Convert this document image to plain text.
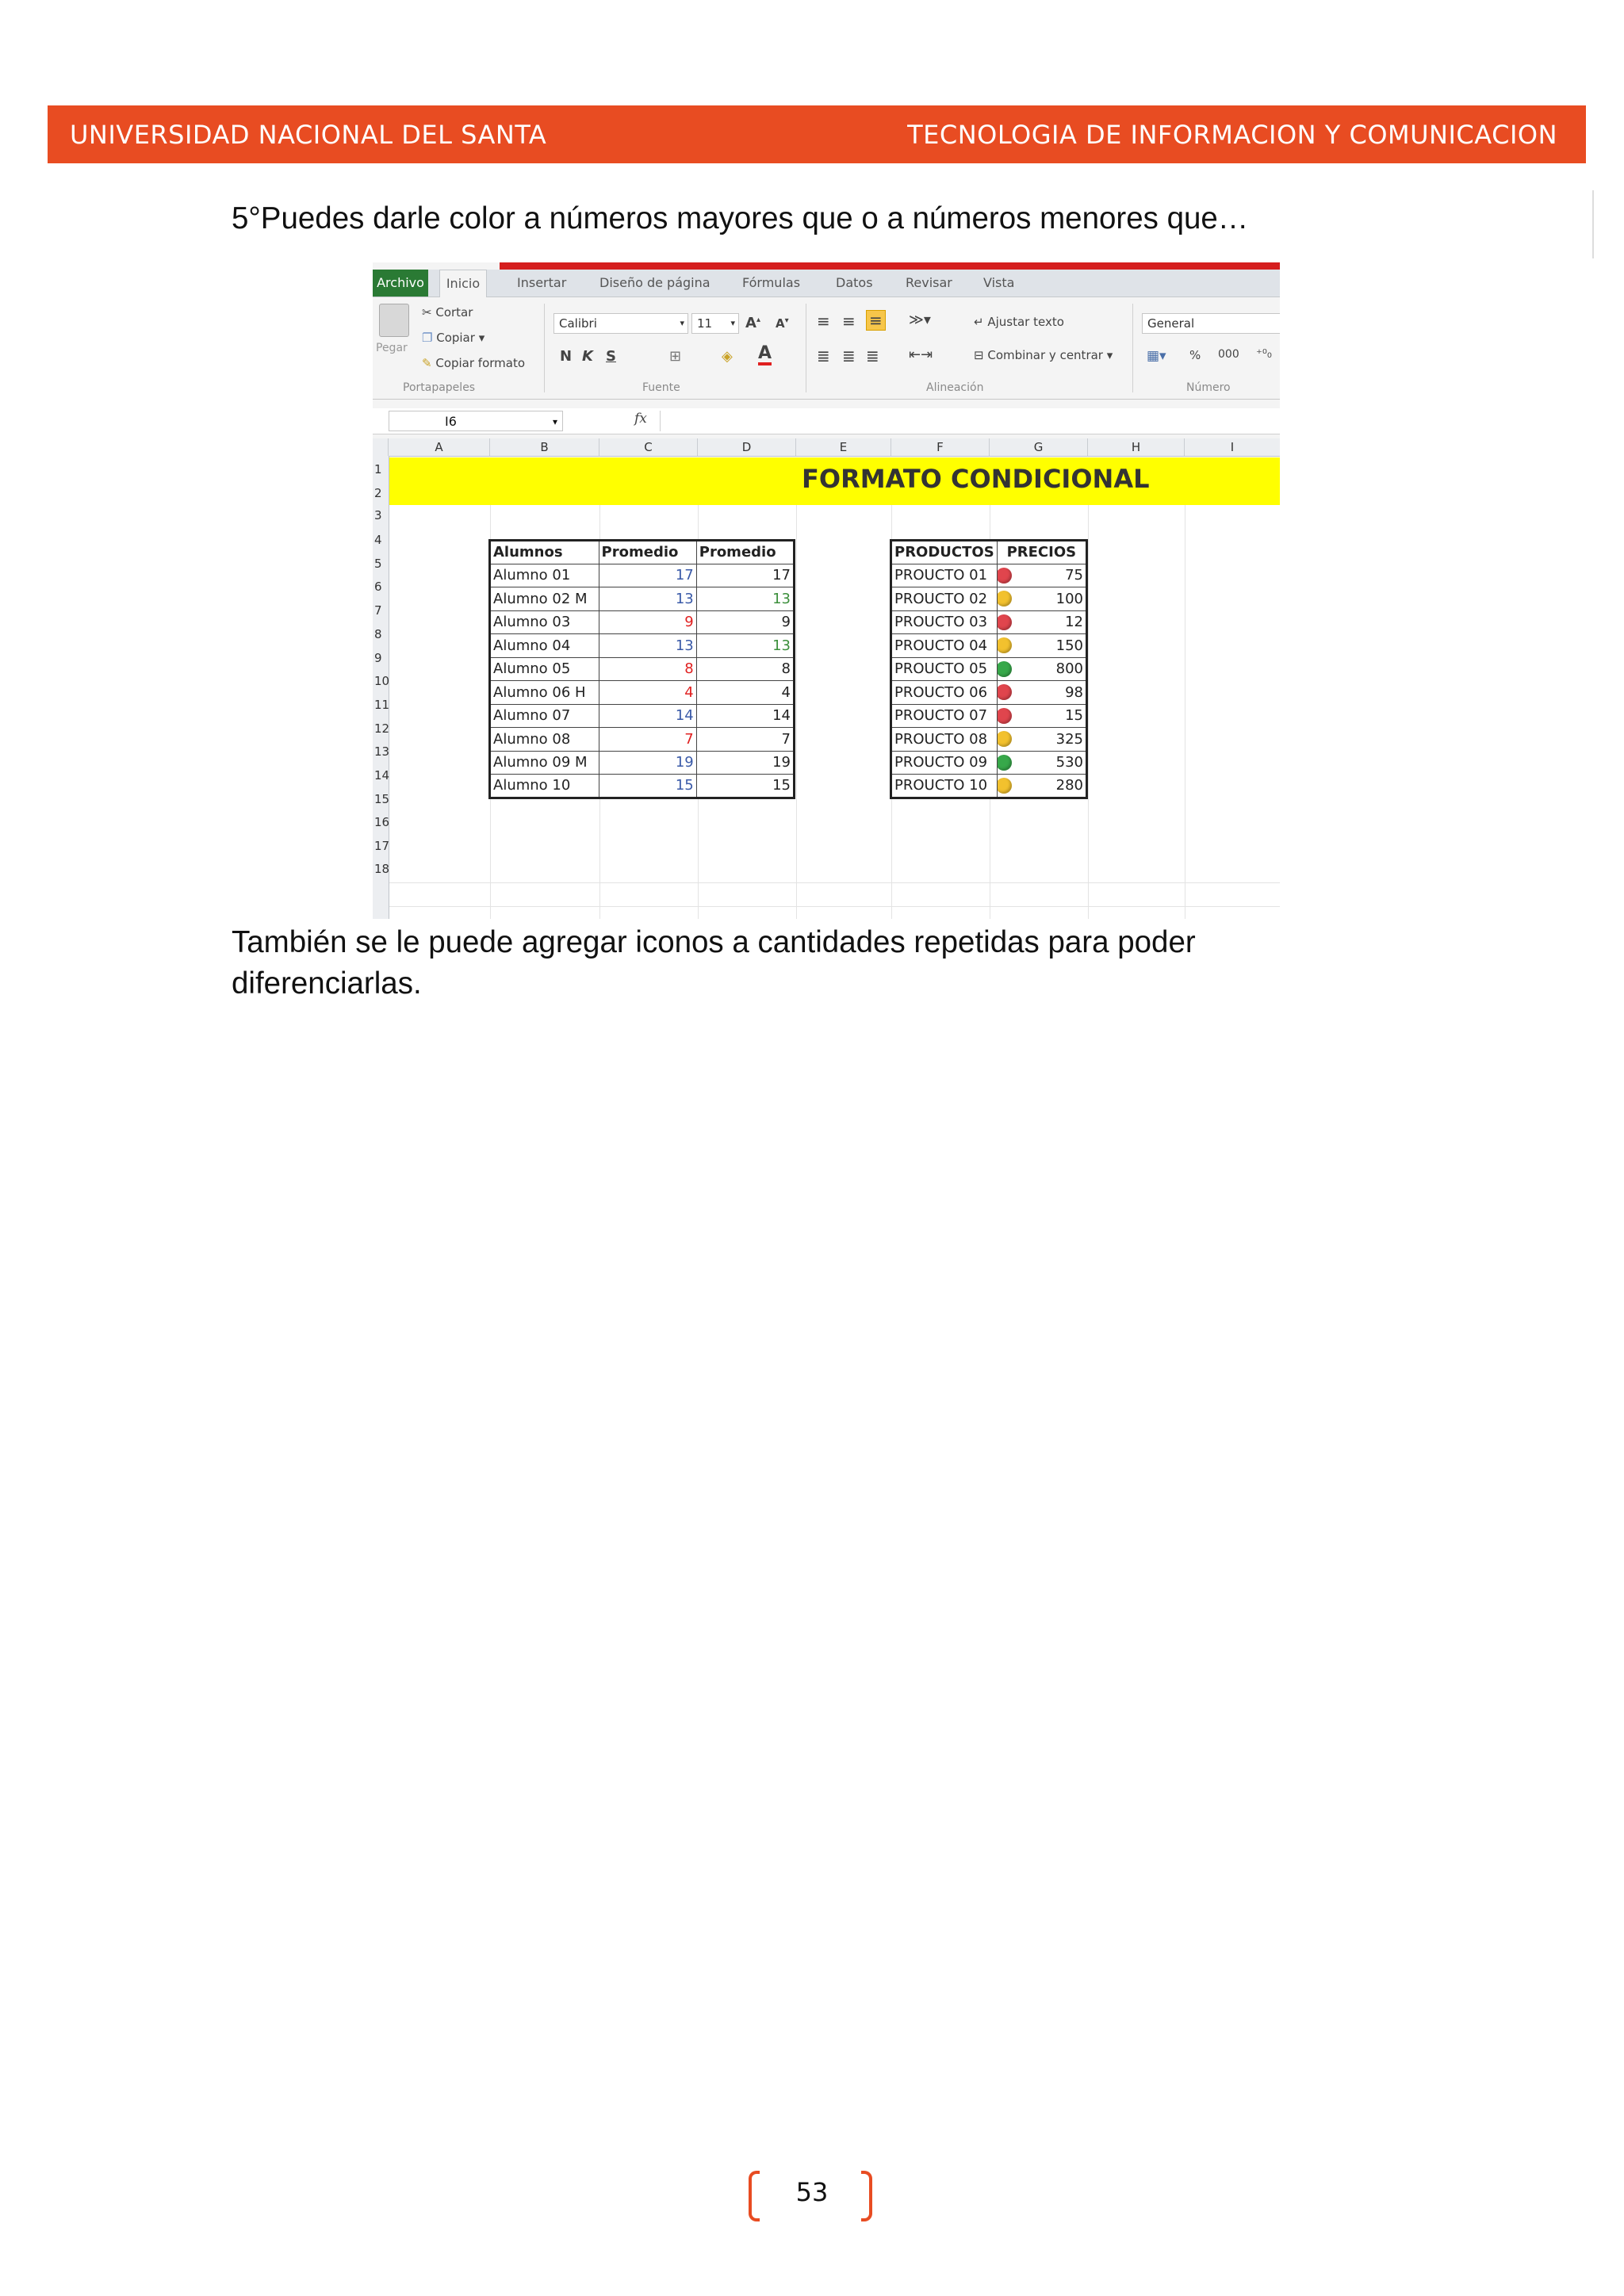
UNIVERSIDAD NACIONAL DEL SANTA	TECNOLOGIA DE INFORMACION Y COMUNICACION

5°Puedes darle color a números mayores que o a números menores que…

Archivo	Inicio	Insertar	Diseño de página	Fórmulas	Datos	Revisar Vista
Pegar
✂ Cortar
❐ Copiar ▾
✎ Copiar formato
Portapapeles
Calibri	▾	11 ▾ A▴ A▾
N K S	⊞	◈ A
Fuente
≡ ≡ ≡ ≫▾
≣ ≣ ≣ ⇤⇥
↵ Ajustar texto
⊟ Combinar y centrar ▾
Alineación
General
▦▾ % 000 ⁺⁰₀
Número
I6	▾	fx
A	B	C	D	E	F	G	H	I
1
2
3
4
5
6
7
8
9
10
11
12
13
14
15
16
17
18
FORMATO CONDICIONAL
Alumnos	Promedio	Promedio
Alumno 01	17	17
Alumno 02 M	13	13
Alumno 03	9	9
Alumno 04	13	13
Alumno 05	8	8
Alumno 06 H	4	4
Alumno 07	14	14
Alumno 08	7	7
Alumno 09 M	19	19
Alumno 10	15	15
PRODUCTOS	PRECIOS
PROUCTO 01	75
PROUCTO 02	100
PROUCTO 03	12
PROUCTO 04	150
PROUCTO 05	800
PROUCTO 06	98
PROUCTO 07	15
PROUCTO 08	325
PROUCTO 09	530
PROUCTO 10	280

También se le puede agregar iconos a cantidades repetidas para poder diferenciarlas.

53
